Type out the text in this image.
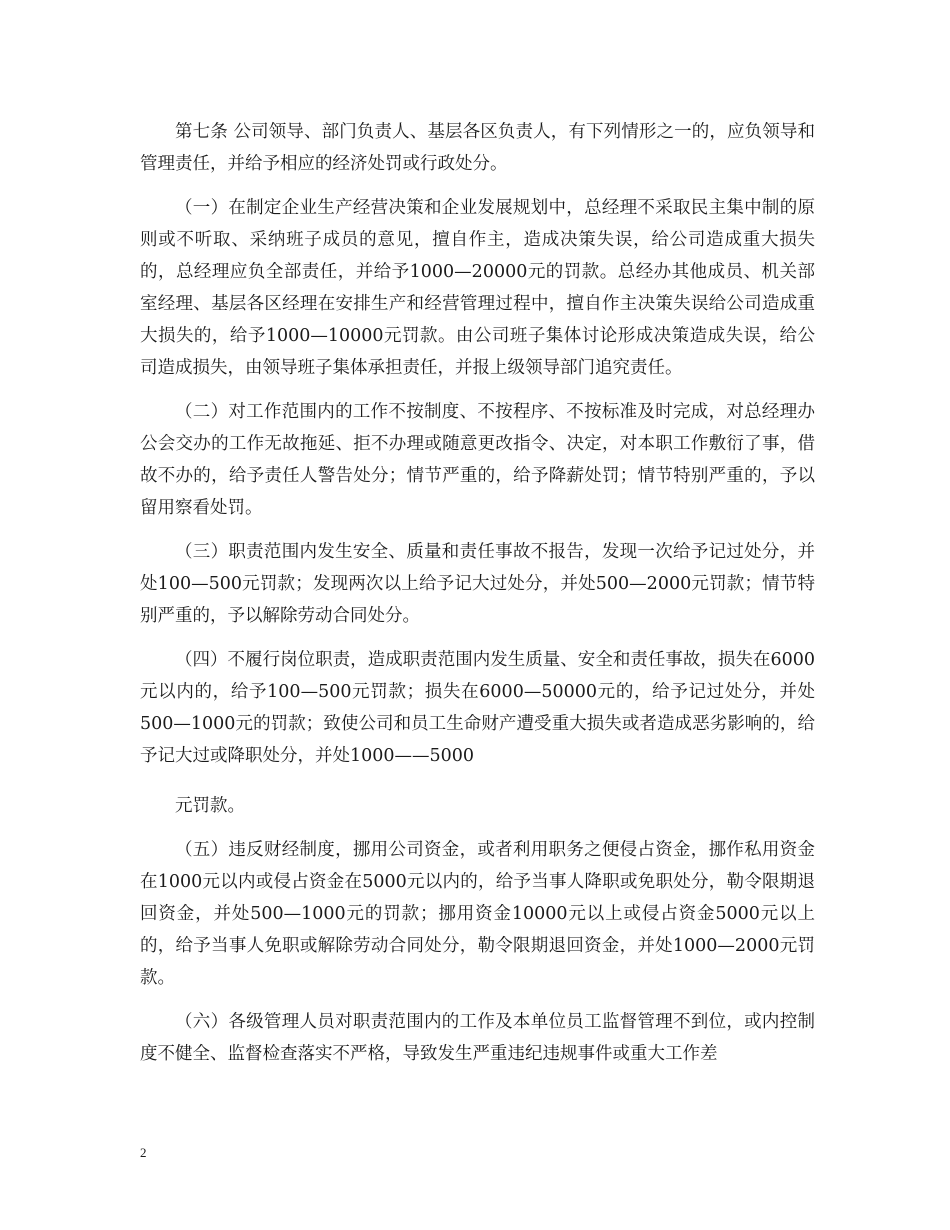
第七条 公司领导、部门负责人、基层各区负责人，有下列情形之一的，应负领导和管理责任，并给予相应的经济处罚或行政处分。

（一）在制定企业生产经营决策和企业发展规划中，总经理不采取民主集中制的原则或不听取、采纳班子成员的意见，擅自作主，造成决策失误，给公司造成重大损失的，总经理应负全部责任，并给予1000—20000元的罚款。总经办其他成员、机关部室经理、基层各区经理在安排生产和经营管理过程中，擅自作主决策失误给公司造成重大损失的，给予1000—10000元罚款。由公司班子集体讨论形成决策造成失误，给公司造成损失，由领导班子集体承担责任，并报上级领导部门追究责任。

（二）对工作范围内的工作不按制度、不按程序、不按标准及时完成，对总经理办公会交办的工作无故拖延、拒不办理或随意更改指令、决定，对本职工作敷衍了事，借故不办的，给予责任人警告处分；情节严重的，给予降薪处罚；情节特别严重的，予以留用察看处罚。

（三）职责范围内发生安全、质量和责任事故不报告，发现一次给予记过处分，并处100—500元罚款；发现两次以上给予记大过处分，并处500—2000元罚款；情节特别严重的，予以解除劳动合同处分。

（四）不履行岗位职责，造成职责范围内发生质量、安全和责任事故，损失在6000元以内的，给予100—500元罚款；损失在6000—50000元的，给予记过处分，并处500—1000元的罚款；致使公司和员工生命财产遭受重大损失或者造成恶劣影响的，给予记大过或降职处分，并处1000——5000

元罚款。

（五）违反财经制度，挪用公司资金，或者利用职务之便侵占资金，挪作私用资金在1000元以内或侵占资金在5000元以内的，给予当事人降职或免职处分，勒令限期退回资金，并处500—1000元的罚款；挪用资金10000元以上或侵占资金5000元以上的，给予当事人免职或解除劳动合同处分，勒令限期退回资金，并处1000—2000元罚款。

（六）各级管理人员对职责范围内的工作及本单位员工监督管理不到位，或内控制度不健全、监督检查落实不严格，导致发生严重违纪违规事件或重大工作差

2
